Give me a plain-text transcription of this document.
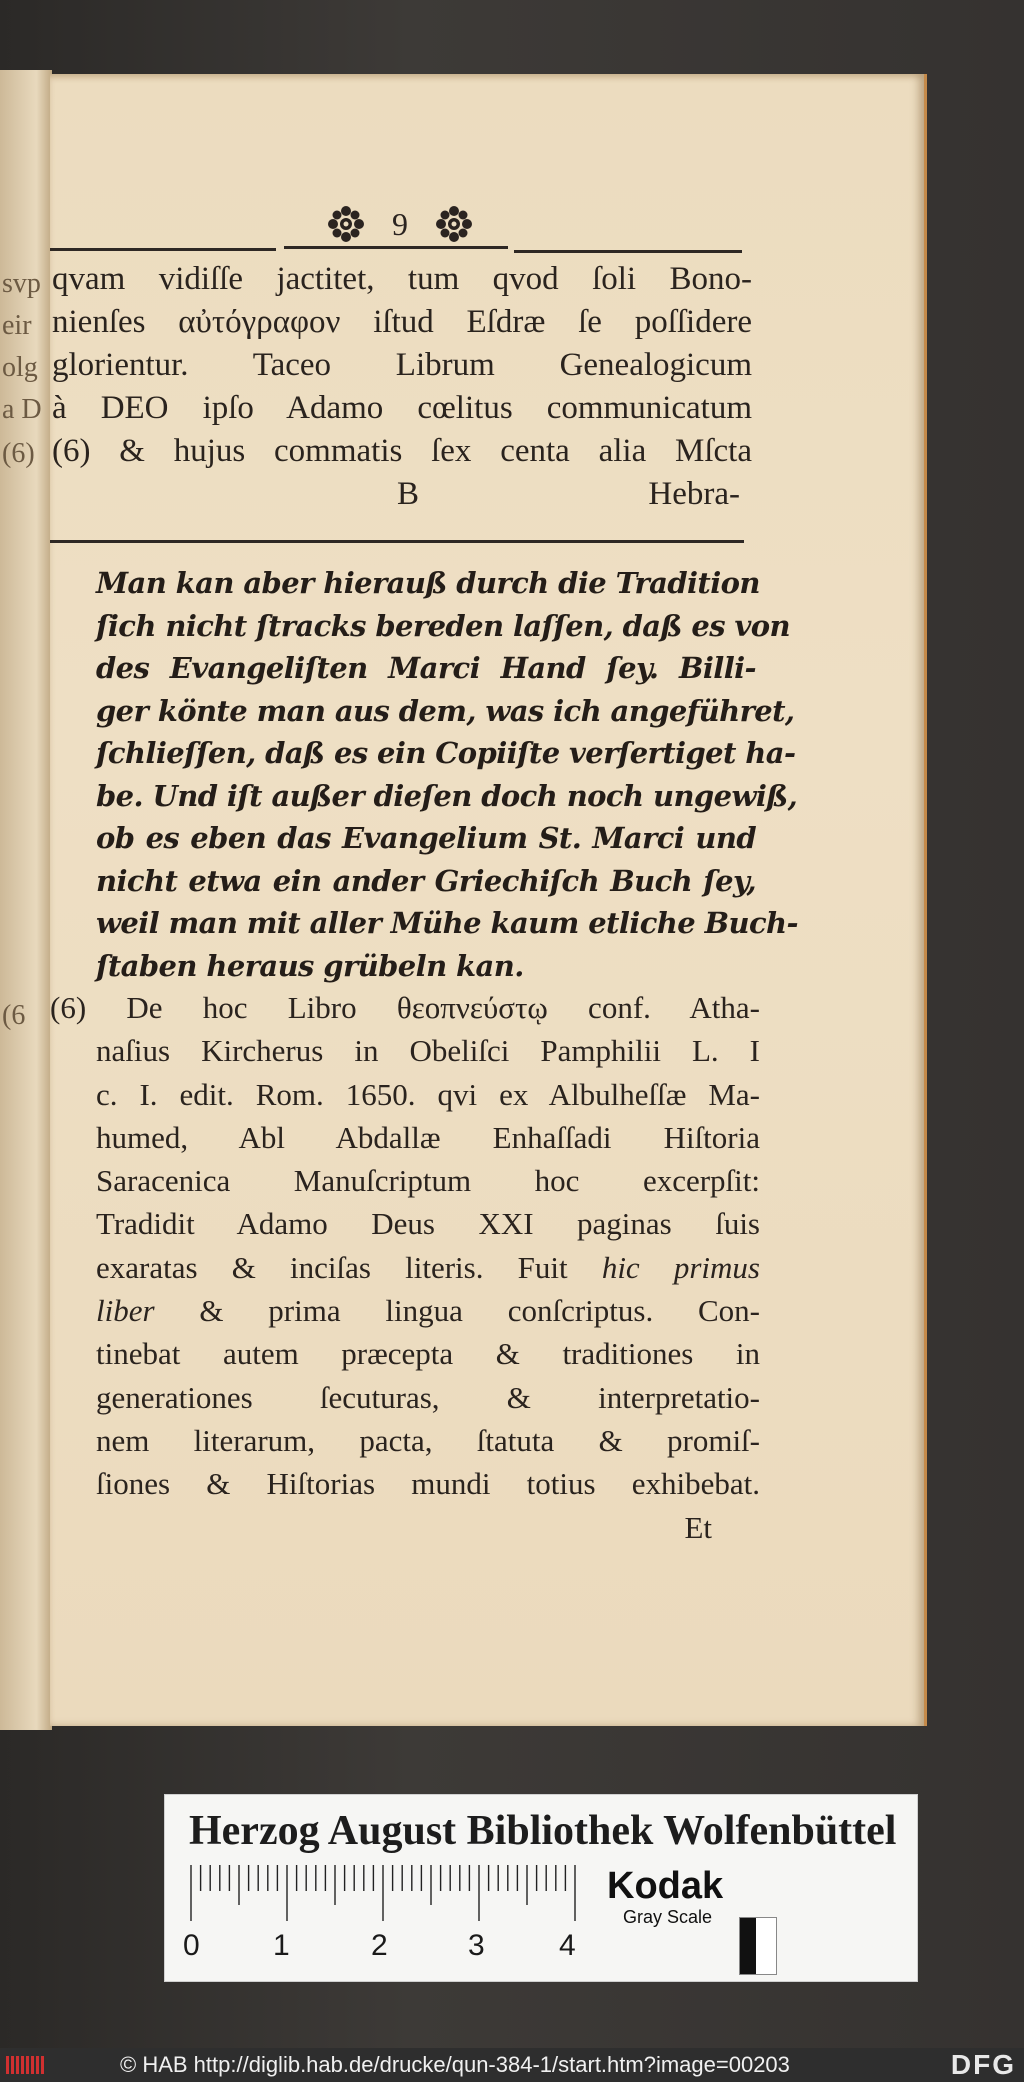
svp
eir
olg
a D
(6)
(6
9
qvam vidiſſe jactitet, tum qvod ſoli Bono-
nienſes αὐτόγραφον iſtud Eſdræ ſe poſſidere
glorientur. Taceo Librum Genealogicum
à DEO ipſo Adamo cœlitus communicatum
(6) & hujus commatis ſex centa alia Mſcta
B	Hebra-
Man kan aber hierauß durch die Tradition
ſich nicht ſtracks bereden laſſen, daß es von
des Evangeliſten Marci Hand ſey. Billi-
ger könte man aus dem, was ich angeführet,
ſchlieſſen, daß es ein Copiiſte verſertiget ha-
be. Und iſt außer dieſen doch noch ungewiß,
ob es eben das Evangelium St. Marci und
nicht etwa ein ander Griechiſch Buch ſey,
weil man mit aller Mühe kaum etliche Buch-
ſtaben heraus grübeln kan.
(6) De hoc Libro θεοπνεύστῳ conf. Atha-
naſius Kircherus in Obeliſci Pamphilii L. I
c. I. edit. Rom. 1650. qvi ex Albulheſſæ Ma-
humed, Abl Abdallæ Enhaſſadi Hiſtoria
Saracenica Manuſcriptum hoc excerpſit:
Tradidit Adamo Deus XXI paginas ſuis
exaratas & inciſas literis. Fuit hic primus
liber & prima lingua conſcriptus. Con-
tinebat autem præcepta & traditiones in
generationes ſecuturas, & interpretatio-
nem literarum, pacta, ſtatuta & promiſ-
ſiones & Hiſtorias mundi totius exhibebat.
Et
Herzog August Bibliothek Wolfenbüttel
0 1	2	3 4
Kodak
Gray Scale
© HAB http://diglib.hab.de/drucke/qun-384-1/start.htm?image=00203	DFG
